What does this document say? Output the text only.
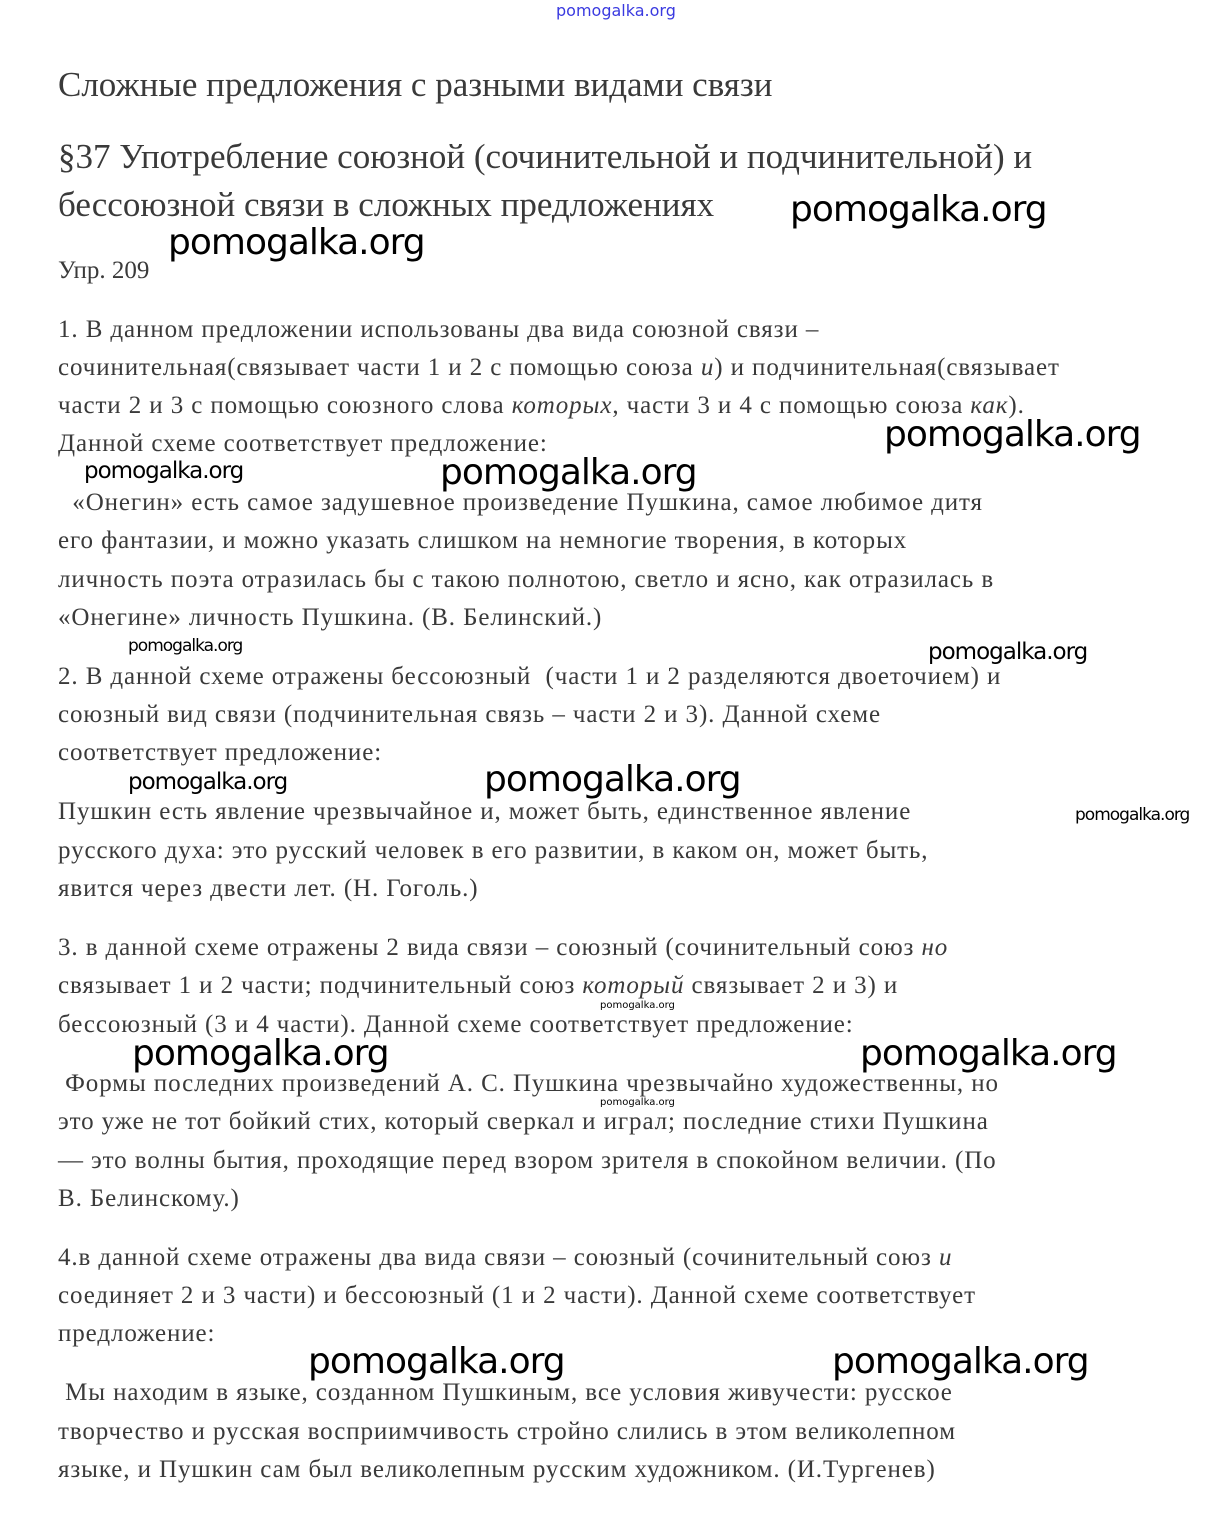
pomogalka.org
Сложные предложения с разными видами связи
§37 Употребление союзной (сочинительной и подчинительной) и
бессоюзной связи в сложных предложениях
Упр. 209
1. В данном предложении использованы два вида союзной связи –
сочинительная(связывает части 1 и 2 с помощью союза и) и подчинительная(связывает
части 2 и 3 с помощью союзного слова которых, части 3 и 4 с помощью союза как).
Данной схеме соответствует предложение:
«Онегин» есть самое задушевное произведение Пушкина, самое любимое дитя
его фантазии, и можно указать слишком на немногие творения, в которых
личность поэта отразилась бы с такою полнотою, светло и ясно, как отразилась в
«Онегине» личность Пушкина. (В. Белинский.)
2. В данной схеме отражены бессоюзный  (части 1 и 2 разделяются двоеточием) и
союзный вид связи (подчинительная связь – части 2 и 3). Данной схеме
соответствует предложение:
Пушкин есть явление чрезвычайное и, может быть, единственное явление
русского духа: это русский человек в его развитии, в каком он, может быть,
явится через двести лет. (Н. Гоголь.)
3. в данной схеме отражены 2 вида связи – союзный (сочинительный союз но
связывает 1 и 2 части; подчинительный союз который связывает 2 и 3) и
бессоюзный (3 и 4 части). Данной схеме соответствует предложение:
Формы последних произведений А. С. Пушкина чрезвычайно художественны, но
это уже не тот бойкий стих, который сверкал и играл; последние стихи Пушкина
— это волны бытия, проходящие перед взором зрителя в спокойном величии. (По
В. Белинскому.)
4.в данной схеме отражены два вида связи – союзный (сочинительный союз и
соединяет 2 и 3 части) и бессоюзный (1 и 2 части). Данной схеме соответствует
предложение:
Мы находим в языке, созданном Пушкиным, все условия живучести: русское
творчество и русская восприимчивость стройно слились в этом великолепном
языке, и Пушкин сам был великолепным русским художником. (И.Тургенев)
pomogalka.org
pomogalka.org
pomogalka.org
pomogalka.org	pomogalka.org
pomogalka.org	pomogalka.org
pomogalka.org
pomogalka.org
pomogalka.org
pomogalka.org
pomogalka.org	pomogalka.org
pomogalka.org
pomogalka.org	pomogalka.org
